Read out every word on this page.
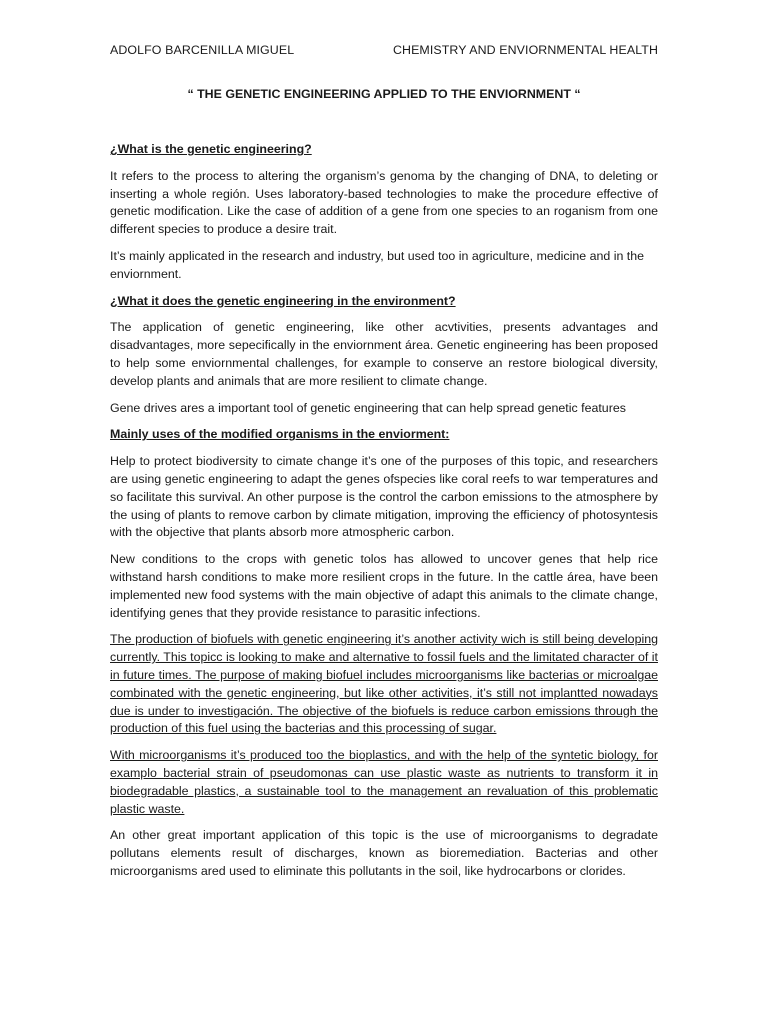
ADOLFO BARCENILLA MIGUEL	CHEMISTRY AND ENVIORNMENTAL HEALTH
“ THE GENETIC ENGINEERING APPLIED TO THE ENVIORNMENT “
¿What is the genetic engineering?

It refers to the process to altering the organism’s genoma by the changing of DNA, to deleting or inserting a whole región. Uses laboratory-based technologies to make the procedure effective of genetic modification. Like the case of addition of a gene from one species to an roganism from one different species to produce a desire trait.

It’s mainly applicated in the research and industry, but used too in agriculture, medicine and in the enviornment.

¿What it does the genetic engineering in the environment?

The application of genetic engineering, like other acvtivities, presents advantages and disadvantages, more sepecifically in the enviornment área. Genetic engineering has been proposed to help some enviornmental challenges, for example to conserve an restore biological diversity, develop plants and animals that are more resilient to climate change.

Gene drives ares a important tool of genetic engineering that can help spread genetic features

Mainly uses of the modified organisms in the enviorment:

Help to protect biodiversity to cimate change it’s one of the purposes of this topic, and researchers are using genetic engineering to adapt the genes ofspecies like coral reefs to war temperatures and so facilitate this survival. An other purpose is the control the carbon emissions to the atmosphere by the using of plants to remove carbon by climate mitigation, improving the efficiency of photosyntesis with the objective that plants absorb more atmospheric carbon.

New conditions to the crops with genetic tolos has allowed to uncover genes that help rice withstand harsh conditions to make more resilient crops in the future. In the cattle área, have been implemented new food systems with the main objective of adapt this animals to the climate change, identifying genes that they provide resistance to parasitic infections.

The production of biofuels with genetic engineering it’s another activity wich is still being developing currently. This topicc is looking to make and alternative to fossil fuels and the limitated character of it in future times. The purpose of making biofuel includes microorganisms like bacterias or microalgae combinated with the genetic engineering, but like other activities, it’s still not implantted nowadays due is under to investigación. The objective of the biofuels is reduce carbon emissions through the production of this fuel using the bacterias and this processing of sugar.

With microorganisms it’s produced too the bioplastics, and with the help of the syntetic biology, for examplo bacterial strain of pseudomonas can use plastic waste as nutrients to transform it in biodegradable plastics, a sustainable tool to the management an revaluation of this problematic plastic waste.

An other great important application of this topic is the use of microorganisms to degradate pollutans elements result of discharges, known as bioremediation. Bacterias and other microorganisms ared used to eliminate this pollutants in the soil, like hydrocarbons or clorides.
